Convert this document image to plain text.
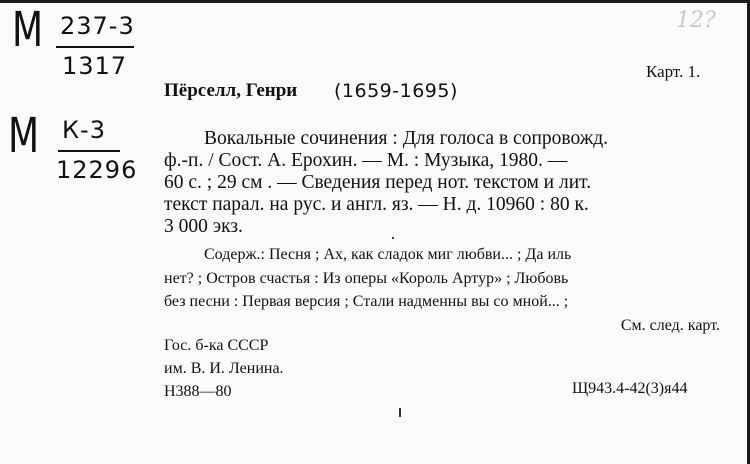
М 237-3
1317
М К-3
12296
12?
Карт. 1.
Пёрселл, Генри (1659-1695)
Вокальные сочинения : Для голоса в сопровожд.
ф.-п. / Сост. А. Ерохин. — М. : Музыка, 1980. —
60 с. ; 29 см . — Сведения перед нот. текстом и лит.
текст парал. на рус. и англ. яз. — Н. д. 10960 : 80 к.
3 000 экз.
Содерж.: Песня ; Ах, как сладок миг любви... ; Да иль
нет? ; Остров счастья : Из оперы «Король Артур» ; Любовь
без песни : Первая версия ; Стали надменны вы со мной... ;
См. след. карт.
Гос. б-ка СССР
им. В. И. Ленина.
Н388—80	Щ943.4-42(3)я44
